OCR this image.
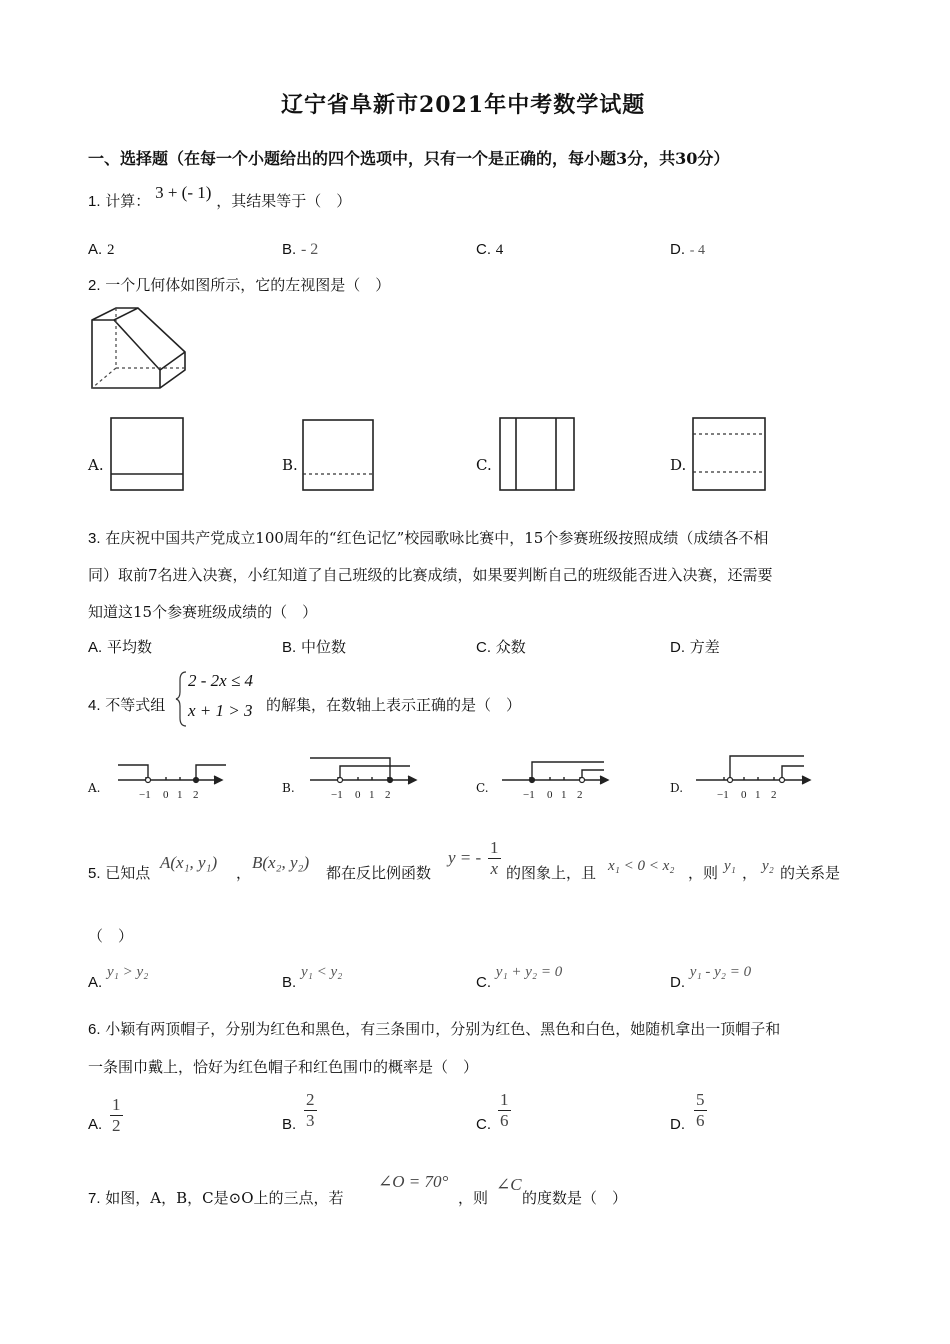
辽宁省阜新市2021年中考数学试题
一、选择题（在每一个小题给出的四个选项中，只有一个是正确的，每小题3分，共30分）
1. 计算： 3 + (- 1) ，其结果等于（　）
A. 2	B. - 2	C. 4	D. - 4
2. 一个几何体如图所示，它的左视图是（　）
A.	B.	C.	D.
3. 在庆祝中国共产党成立100周年的“红色记忆”校园歌咏比赛中，15个参赛班级按照成绩（成绩各不相
同）取前7名进入决赛，小红知道了自己班级的比赛成绩，如果要判断自己的班级能否进入决赛，还需要
知道这15个参赛班级成绩的（　）
A. 平均数	B. 中位数	C. 众数	D. 方差
4. 不等式组
2 - 2x ≤ 4
x + 1 > 3 的解集，在数轴上表示正确的是（　）
A.	−1 0 1 2	B.	−1 0 1 2	C.	−1 0 1 2	D.	−1 0 1 2
5. 已知点
A(x₁, y₁)
，
B(x₂, y₂)
都在反比例函数
y = - $\frac{1}{x}$ 的图象上，且 x₁ < 0 < x₂ ，则 y₁ ， y₂ 的关系是
（　）
A. y₁ > y₂
B. y₁ < y₂
C. y₁ + y₂ = 0
D. y₁ - y₂ = 0
6. 小颖有两顶帽子，分别为红色和黑色，有三条围巾，分别为红色、黑色和白色，她随机拿出一顶帽子和
一条围巾戴上，恰好为红色帽子和红色围巾的概率是（　）
A. $\frac{1}{2}$	B. $\frac{2}{3}$	C. $\frac{1}{6}$	D. $\frac{5}{6}$
7. 如图，A，B，C是⊙O上的三点，若
∠O = 70°
，则
∠C
的度数是（　）
